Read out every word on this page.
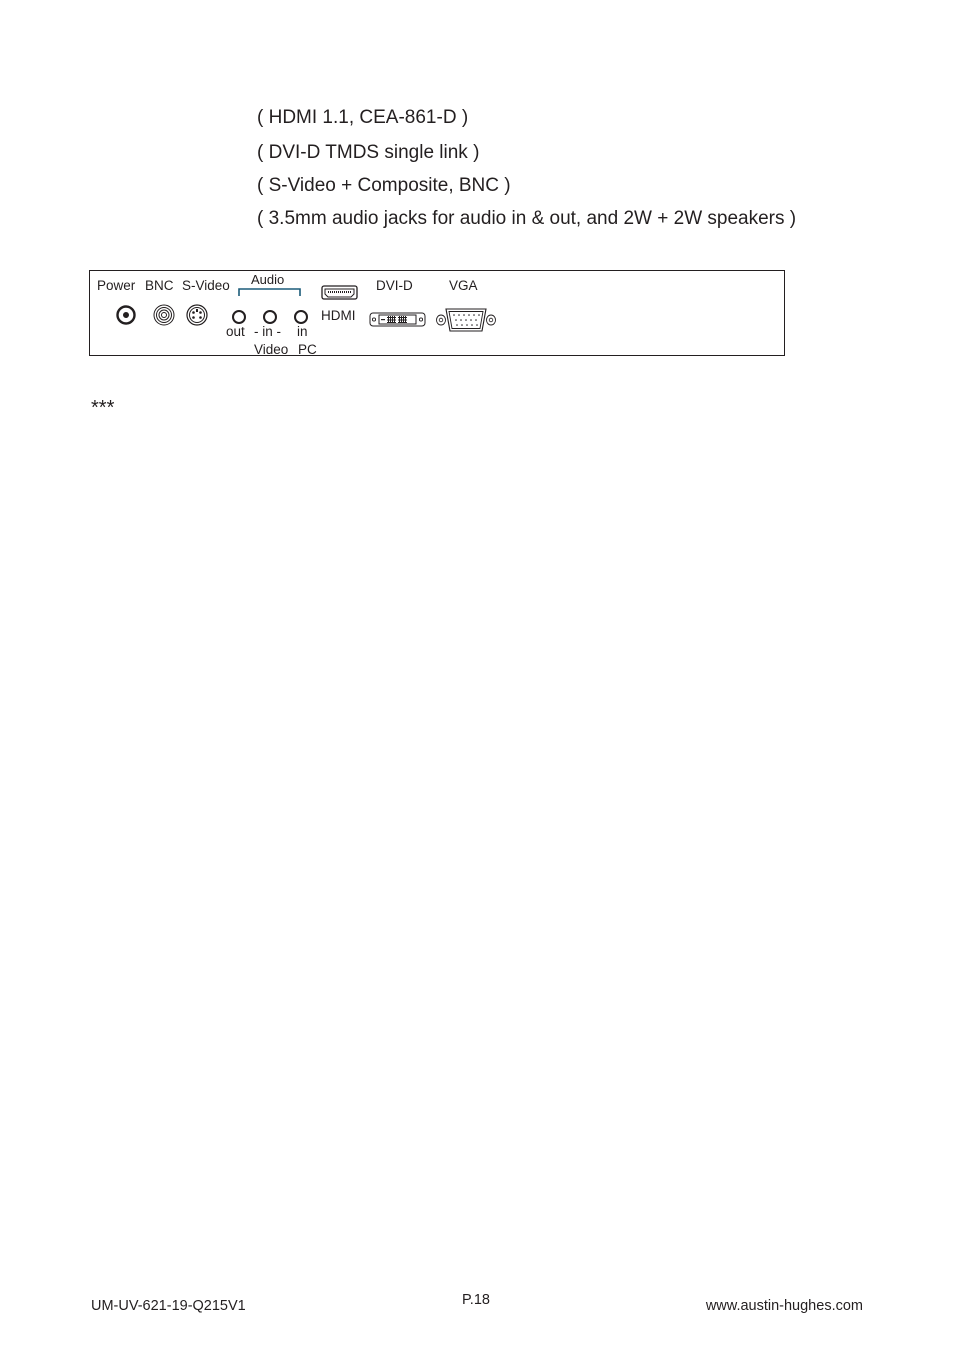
( HDMI 1.1, CEA-861-D )
( DVI-D TMDS single link )
( S-Video + Composite, BNC )
( 3.5mm audio jacks for audio in & out, and 2W + 2W speakers )
Power BNC S-Video Audio	DVI-D	VGA
HDMI
out - in - in
Video PC
***
UM-UV-621-19-Q215V1	P.18	www.austin-hughes.com
